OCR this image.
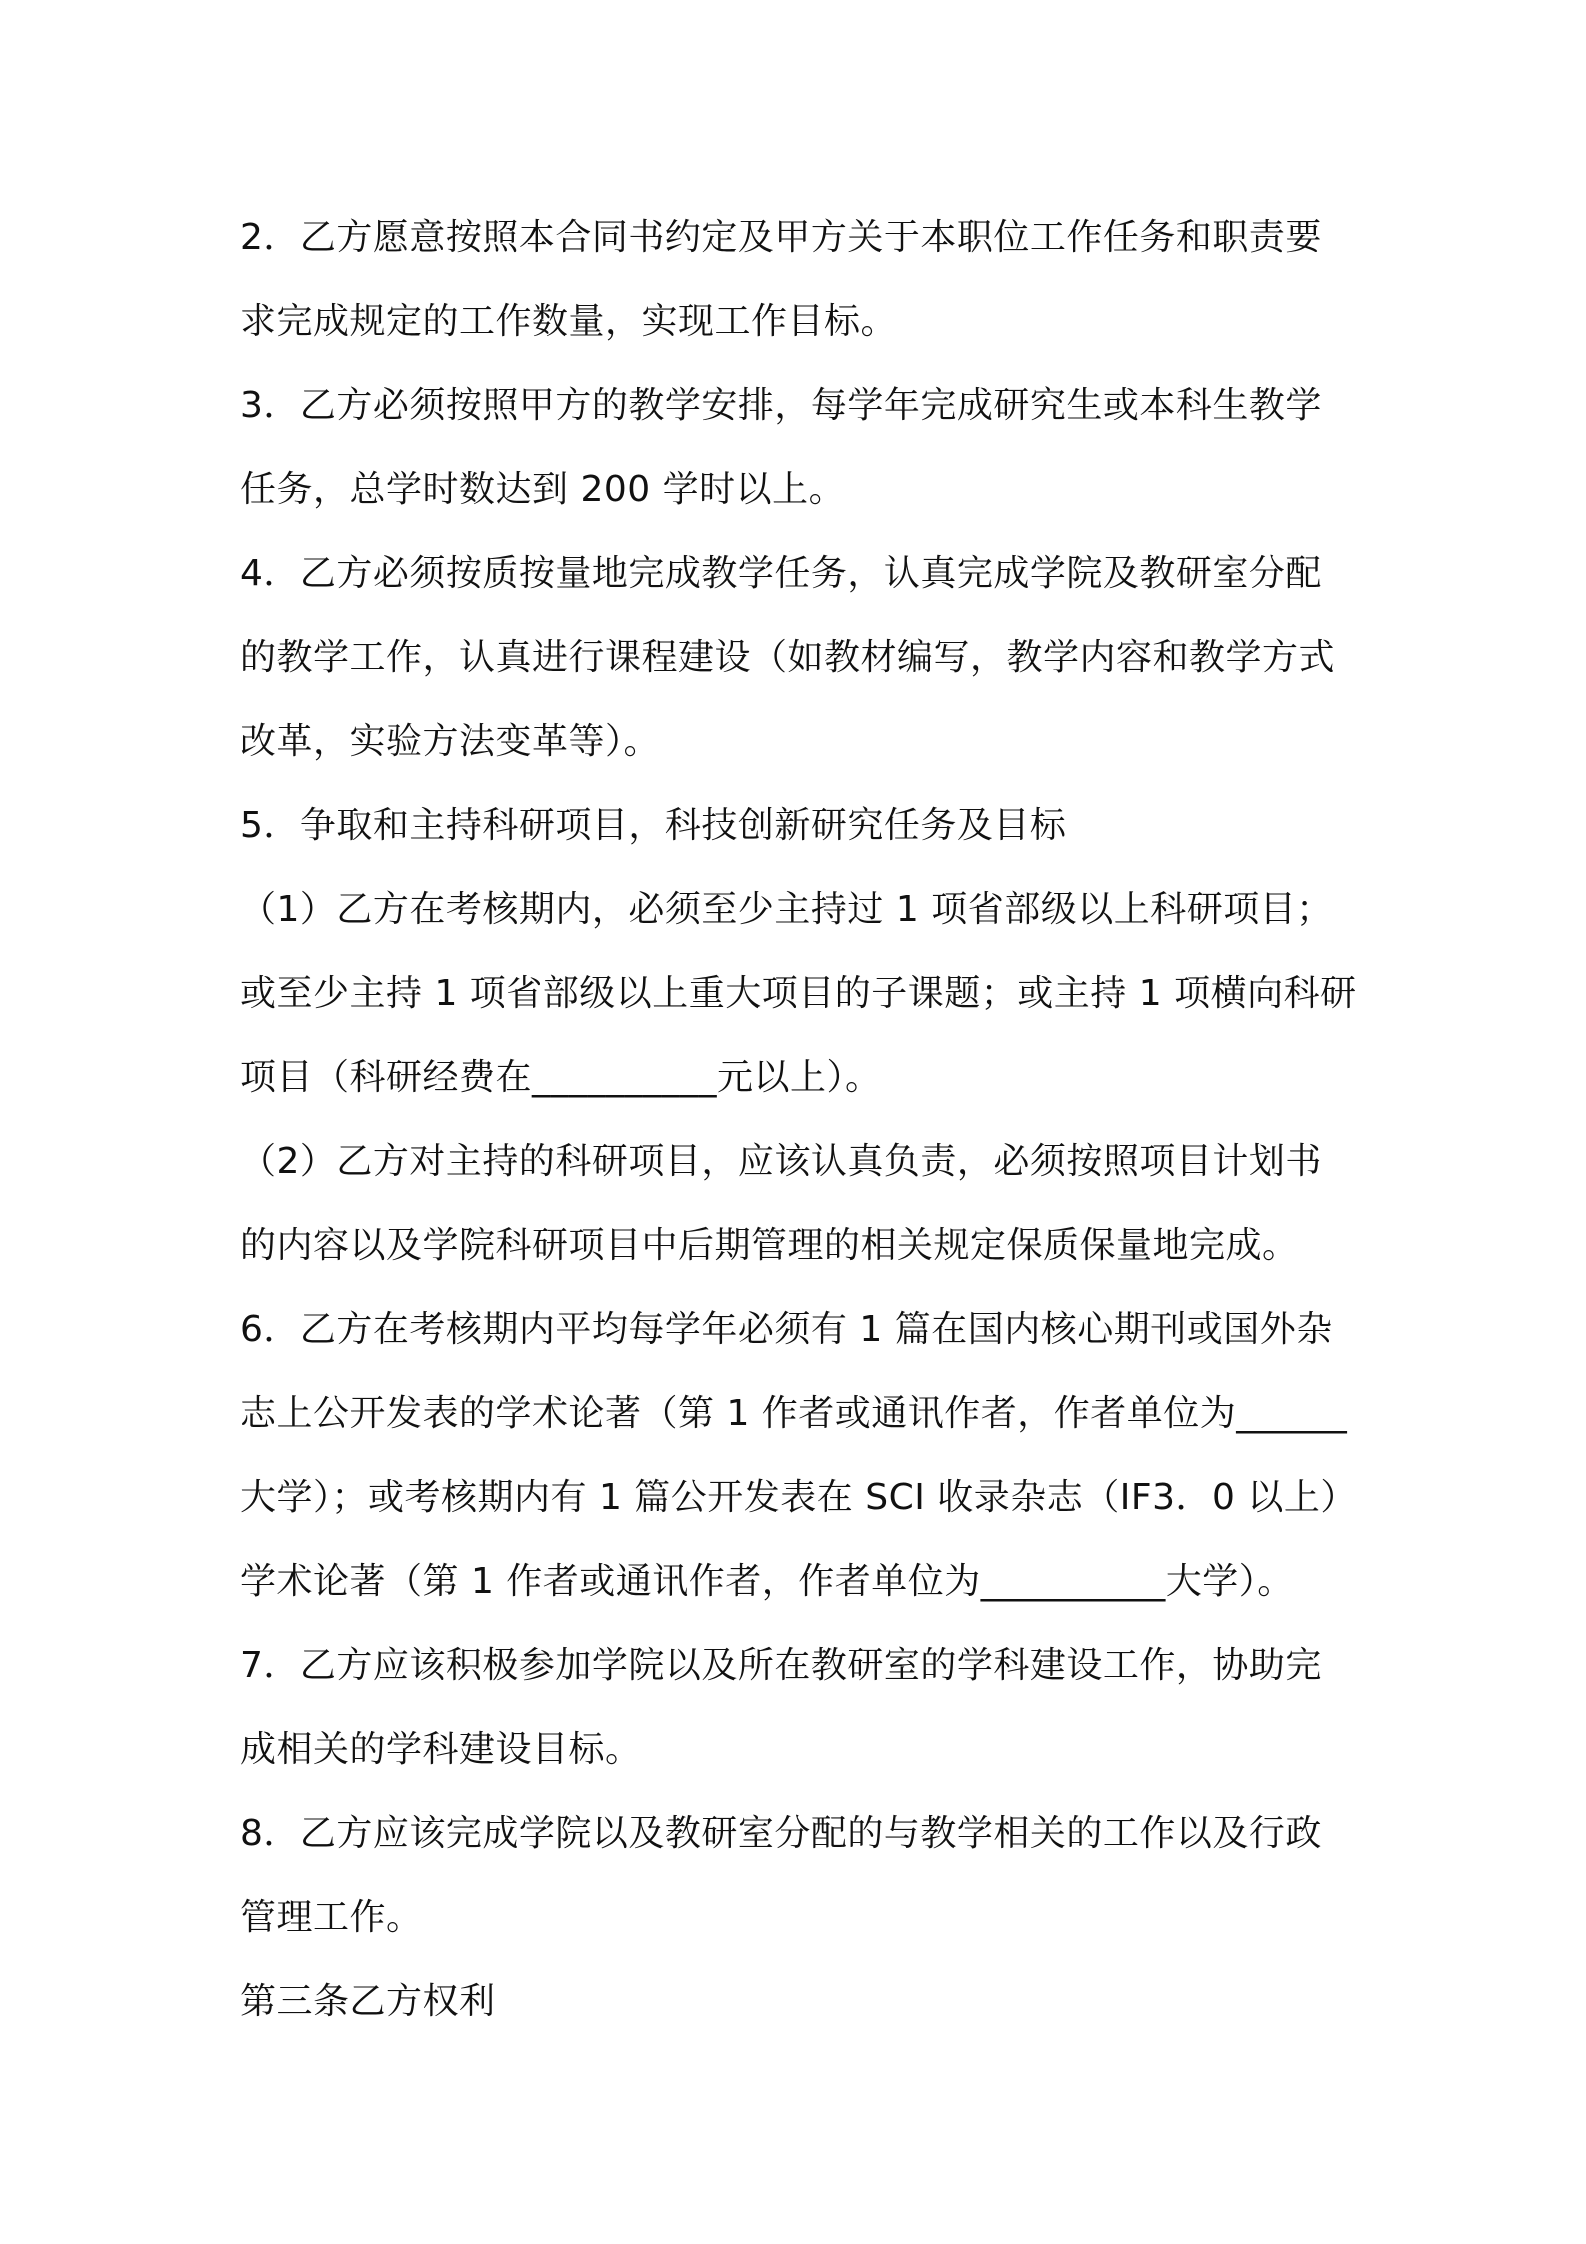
2．乙方愿意按照本合同书约定及甲方关于本职位工作任务和职责要
求完成规定的工作数量，实现工作目标。
3．乙方必须按照甲方的教学安排，每学年完成研究生或本科生教学
任务，总学时数达到 200 学时以上。
4．乙方必须按质按量地完成教学任务，认真完成学院及教研室分配
的教学工作，认真进行课程建设（如教材编写，教学内容和教学方式
改革，实验方法变革等）。
5．争取和主持科研项目，科技创新研究任务及目标
（1）乙方在考核期内，必须至少主持过 1 项省部级以上科研项目；
或至少主持 1 项省部级以上重大项目的子课题；或主持 1 项横向科研
项目（科研经费在__________元以上）。
（2）乙方对主持的科研项目，应该认真负责，必须按照项目计划书
的内容以及学院科研项目中后期管理的相关规定保质保量地完成。
6．乙方在考核期内平均每学年必须有 1 篇在国内核心期刊或国外杂
志上公开发表的学术论著（第 1 作者或通讯作者，作者单位为______
大学）；或考核期内有 1 篇公开发表在 SCI 收录杂志（IF3．0 以上）
学术论著（第 1 作者或通讯作者，作者单位为__________大学）。
7．乙方应该积极参加学院以及所在教研室的学科建设工作，协助完
成相关的学科建设目标。
8．乙方应该完成学院以及教研室分配的与教学相关的工作以及行政
管理工作。
第三条乙方权利
